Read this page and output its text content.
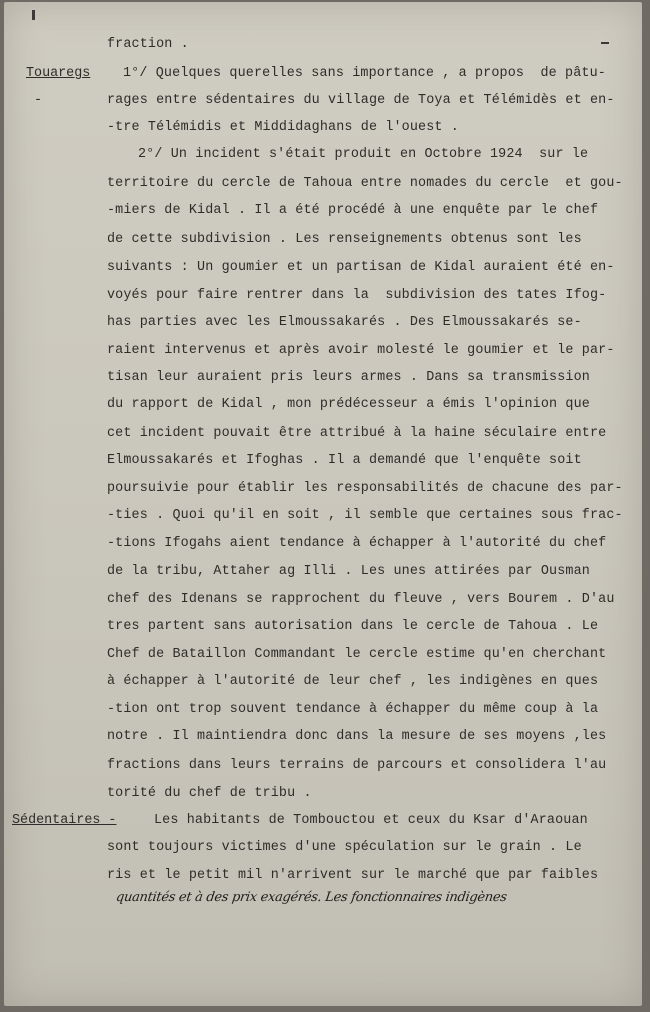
Touaregs
-
fraction .
1°/ Quelques querelles sans importance , a propos  de pâtu-
rages entre sédentaires du village de Toya et Télémidès et en-
-tre Télémidis et Middidaghans de l'ouest .
2°/ Un incident s'était produit en Octobre 1924  sur le
territoire du cercle de Tahoua entre nomades du cercle  et gou-
-miers de Kidal . Il a été procédé à une enquête par le chef
de cette subdivision . Les renseignements obtenus sont les
suivants : Un goumier et un partisan de Kidal auraient été en-
voyés pour faire rentrer dans la  subdivision des tates Ifog-
has parties avec les Elmoussakarés . Des Elmoussakarés se-
raient intervenus et après avoir molesté le goumier et le par-
tisan leur auraient pris leurs armes . Dans sa transmission
du rapport de Kidal , mon prédécesseur a émis l'opinion que
cet incident pouvait être attribué à la haine séculaire entre
Elmoussakarés et Ifoghas . Il a demandé que l'enquête soit
poursuivie pour établir les responsabilités de chacune des par-
-ties . Quoi qu'il en soit , il semble que certaines sous frac-
-tions Ifogahs aient tendance à échapper à l'autorité du chef
de la tribu, Attaher ag Illi . Les unes attirées par Ousman
chef des Idenans se rapprochent du fleuve , vers Bourem . D'au
tres partent sans autorisation dans le cercle de Tahoua . Le
Chef de Bataillon Commandant le cercle estime qu'en cherchant
à échapper à l'autorité de leur chef , les indigènes en ques
-tion ont trop souvent tendance à échapper du même coup à la
notre . Il maintiendra donc dans la mesure de ses moyens ,les
fractions dans leurs terrains de parcours et consolidera l'au
torité du chef de tribu .
Sédentaires -	Les habitants de Tombouctou et ceux du Ksar d'Araouan
sont toujours victimes d'une spéculation sur le grain . Le
ris et le petit mil n'arrivent sur le marché que par faibles
quantités et à des prix exagérés. Les fonctionnaires indigènes
